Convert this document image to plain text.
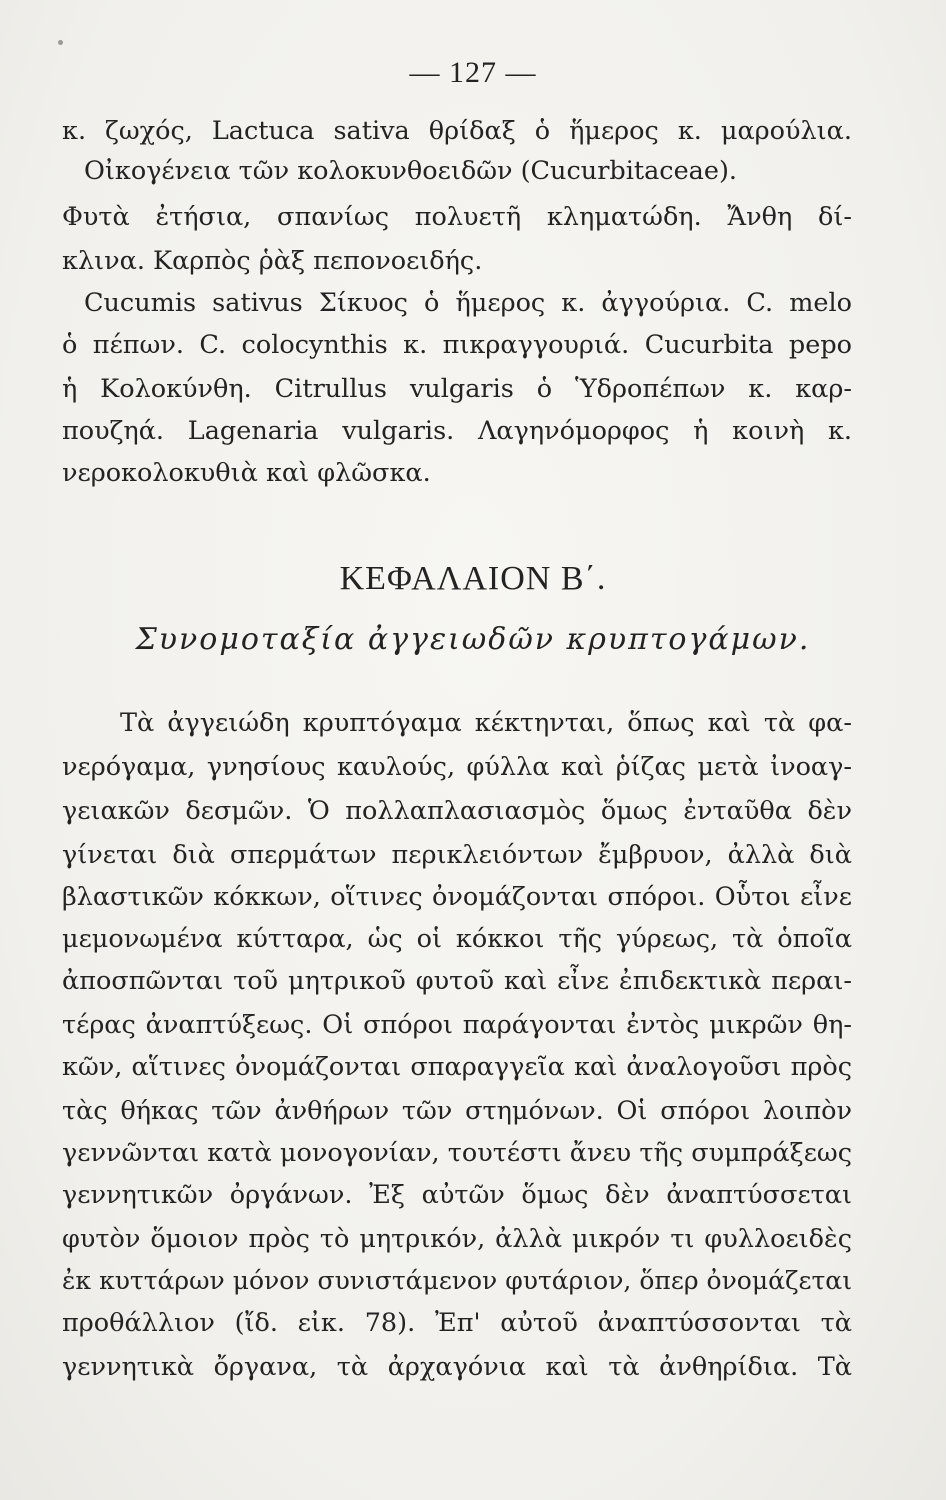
— 127 —
κ. ζωχός, Lactuca sativa θρίδαξ ὁ ἥμερος κ. μαρούλια.
Οἰκογένεια τῶν κολοκυνθοειδῶν (Cucurbitaceae).
Φυτὰ ἐτήσια, σπανίως πολυετῆ κληματώδη. Ἄνθη δί-
κλινα. Καρπὸς ῥὰξ πεπονοειδής.
Cucumis sativus Σίκυος ὁ ἥμερος κ. ἀγγούρια. C. melo
ὁ πέπων. C. colocynthis κ. πικραγγουριά. Cucurbita pepo
ἡ Κολοκύνθη. Citrullus vulgaris ὁ Ὑδροπέπων κ. καρ-
πουζηά. Lagenaria vulgaris. Λαγηνόμορφος ἡ κοινὴ κ.
νεροκολοκυθιὰ καὶ φλῶσκα.
ΚΕΦΑΛΑΙΟΝ Β΄.
Συνομοταξία ἀγγειωδῶν κρυπτογάμων.
Τὰ ἀγγειώδη κρυπτόγαμα κέκτηνται, ὅπως καὶ τὰ φα-
νερόγαμα, γνησίους καυλούς, φύλλα καὶ ῥίζας μετὰ ἰνοαγ-
γειακῶν δεσμῶν. Ὁ πολλαπλασιασμὸς ὅμως ἐνταῦθα δὲν
γίνεται διὰ σπερμάτων περικλειόντων ἔμβρυον, ἀλλὰ διὰ
βλαστικῶν κόκκων, οἵτινες ὀνομάζονται σπόροι. Οὗτοι εἶνε
μεμονωμένα κύτταρα, ὡς οἱ κόκκοι τῆς γύρεως, τὰ ὁποῖα
ἀποσπῶνται τοῦ μητρικοῦ φυτοῦ καὶ εἶνε ἐπιδεκτικὰ περαι-
τέρας ἀναπτύξεως. Οἱ σπόροι παράγονται ἐντὸς μικρῶν θη-
κῶν, αἵτινες ὀνομάζονται σπαραγγεῖα καὶ ἀναλογοῦσι πρὸς
τὰς θήκας τῶν ἀνθήρων τῶν στημόνων. Οἱ σπόροι λοιπὸν
γεννῶνται κατὰ μονογονίαν, τουτέστι ἄνευ τῆς συμπράξεως
γεννητικῶν ὀργάνων. Ἐξ αὐτῶν ὅμως δὲν ἀναπτύσσεται
φυτὸν ὅμοιον πρὸς τὸ μητρικόν, ἀλλὰ μικρόν τι φυλλοειδὲς
ἐκ κυττάρων μόνον συνιστάμενον φυτάριον, ὅπερ ὀνομάζεται
προθάλλιον (ἴδ. εἰκ. 78). Ἐπ' αὐτοῦ ἀναπτύσσονται τὰ
γεννητικὰ ὄργανα, τὰ ἀρχαγόνια καὶ τὰ ἀνθηρίδια. Τὰ
